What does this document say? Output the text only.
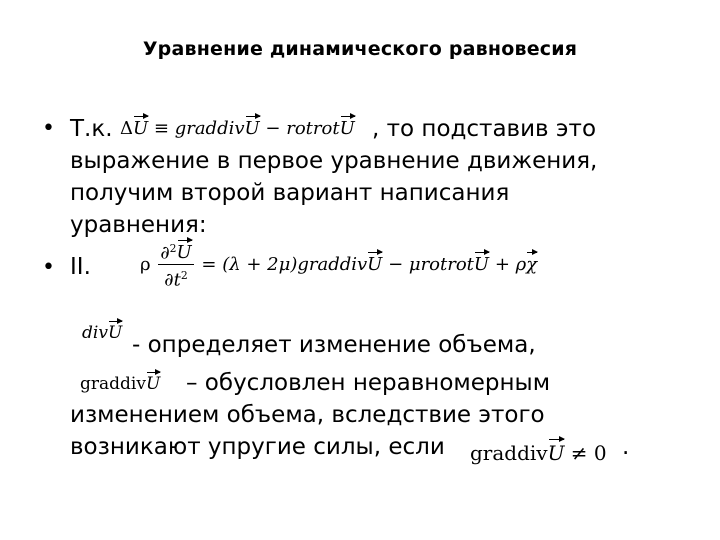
Уравнение динамического равновесия
• Т.к. ΔU ≡ graddivU − rotrotU , то подставив это
выражение в первое уравнение движения,
получим второй вариант написания
уравнения:
• II.	ρ $\frac{\partial^2U}{\partial t^2} = (\lambda$ + 2μ)graddivU − μrotrotU + ρχ
divU - определяет изменение объема,
graddivU – обусловлен неравномерным
изменением объема, вследствие этого
возникают упругие силы, если graddivU ≠ 0 .
